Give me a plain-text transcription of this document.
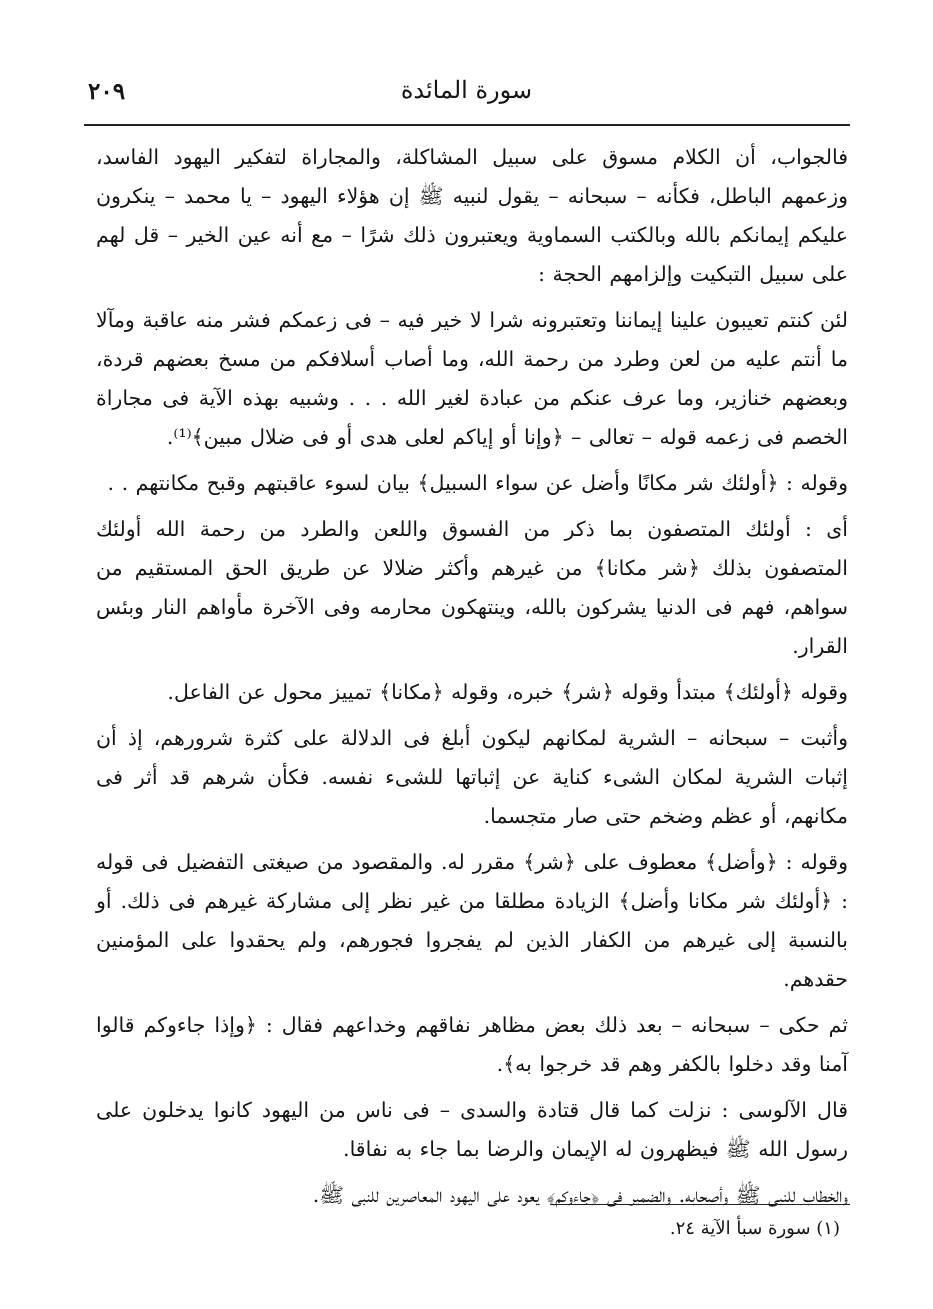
٢٠٩	سورة المائدة

فالجواب، أن الكلام مسوق على سبيل المشاكلة، والمجاراة لتفكير اليهود الفاسد، وزعمهم الباطل، فكأنه – سبحانه – يقول لنبيه ﷺ إن هؤلاء اليهود – يا محمد – ينكرون عليكم إيمانكم بالله وبالكتب السماوية ويعتبرون ذلك شرًا – مع أنه عين الخير – قل لهم على سبيل التبكيت وإلزامهم الحجة :

لئن كنتم تعيبون علينا إيماننا وتعتبرونه شرا لا خير فيه – فى زعمكم فشر منه عاقبة ومآلا ما أنتم عليه من لعن وطرد من رحمة الله، وما أصاب أسلافكم من مسخ بعضهم قردة، وبعضهم خنازير، وما عرف عنكم من عبادة لغير الله . . . وشبيه بهذه الآية فى مجاراة الخصم فى زعمه قوله – تعالى – ﴿وإنا أو إياكم لعلى هدى أو فى ضلال مبين﴾⁽¹⁾.

وقوله : ﴿أولئك شر مكانًا وأضل عن سواء السبيل﴾ بيان لسوء عاقبتهم وقبح مكانتهم . .

أى : أولئك المتصفون بما ذكر من الفسوق واللعن والطرد من رحمة الله أولئك المتصفون بذلك ﴿شر مكانا﴾ من غيرهم وأكثر ضلالا عن طريق الحق المستقيم من سواهم، فهم فى الدنيا يشركون بالله، وينتهكون محارمه وفى الآخرة مأواهم النار وبئس القرار.

وقوله ﴿أولئك﴾ مبتدأ وقوله ﴿شر﴾ خبره، وقوله ﴿مكانا﴾ تمييز محول عن الفاعل.

وأثبت – سبحانه – الشرية لمكانهم ليكون أبلغ فى الدلالة على كثرة شرورهم، إذ أن إثبات الشرية لمكان الشىء كناية عن إثباتها للشىء نفسه. فكأن شرهم قد أثر فى مكانهم، أو عظم وضخم حتى صار متجسما.

وقوله : ﴿وأضل﴾ معطوف على ﴿شر﴾ مقرر له. والمقصود من صيغتى التفضيل فى قوله : ﴿أولئك شر مكانا وأضل﴾ الزيادة مطلقا من غير نظر إلى مشاركة غيرهم فى ذلك. أو بالنسبة إلى غيرهم من الكفار الذين لم يفجروا فجورهم، ولم يحقدوا على المؤمنين حقدهم.

ثم حكى – سبحانه – بعد ذلك بعض مظاهر نفاقهم وخداعهم فقال : ﴿وإذا جاءوكم قالوا آمنا وقد دخلوا بالكفر وهم قد خرجوا به﴾.

قال الآلوسى : نزلت كما قال قتادة والسدى – فى ناس من اليهود كانوا يدخلون على رسول الله ﷺ فيظهرون له الإيمان والرضا بما جاء به نفاقا.

والخطاب للنبى ﷺ وأصحابه. والضمير فى ﴿جاءوكم﴾ يعود على اليهود المعاصرين للنبى ﷺ.

(١) سورة سبأ الآية ٢٤.
